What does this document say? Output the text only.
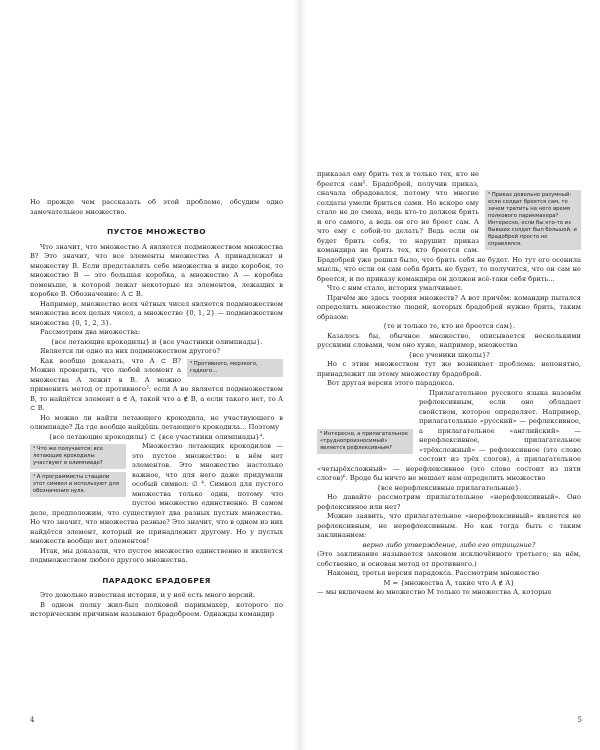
Но прежде чем рассказать об этой проблеме, обсудим одно замечательное множество.

ПУСТОЕ МНОЖЕСТВО

Что значит, что множество A является подмножеством множества B? Это значит, что все элементы множества A принадлежат и множеству B. Если представлять себе множества в виде коробок, то множество B — это большая коробка, а множество A — коробка поменьше, в которой лежат некоторые из элементов, лежащих в коробке B. Обозначение: A ⊂ B.

Например, множество всех чётных чисел является подмножеством множества всех целых чисел, а множество {0, 1, 2} — подмножеством множества {0, 1, 2, 3}.

Рассмотрим два множества:

{все летающие крокодилы} и {все участники олимпиады}.

Является ли одно из них подмножеством другого?

³ Противного, мерзкого, гадкого...

Как вообще доказать, что A ⊂ B? Можно проверить, что любой элемент a множества A лежит в B. А можно применить метод от противного³: если A не является подмножеством B, то найдётся элемент a ∈ A, такой что a ∉ B, а если такого нет, то A ⊂ B.

Но можно ли найти летающего крокодила, не участвующего в олимпиаде? Да где вообще найдёшь летающего крокодила... Поэтому

{все летающие крокодилы} ⊂ {все участники олимпиады}⁴.

⁴ Что же получается: все летающие крокодилы участвуют в олимпиаде?

⁴ А программисты стащили этот символ и используют для обозначения нуля.

Множество летающих крокодилов — это пустое множество: в нём нет элементов. Это множество настолько важное, что для него даже придумали особый символ: ∅ ⁴. Символ для пустого множества только один, потому что пустое множество единственно. В самом деле, предположим, что существуют два разных пустых множества. Но что значит, что множества разные? Это значит, что в одном из них найдётся элемент, который не принадлежит другому. Но у пустых множеств вообще нет элементов!

Итак, мы доказали, что пустое множество единственно и является подмножеством любого другого множества.

ПАРАДОКС БРАДОБРЕЯ

Это довольно известная история, и у неё есть много версий.

В одном полку жил-был полковой парикмахер, которого по историческим причинам называют брадобреем. Однажды командир

4

⁵ Приказ довольно разумный: если солдат бреется сам, то зачем тратить на него время полкового парикмахера? Интересно, если бы кто-то из бывших солдат был большой, и брадобрей просто не справлялся.

приказал ему брить тех и только тех, кто не бреется сам⁵. Брадобрей, получив приказ, сначала обрадовался, потому что многие солдаты умели бриться сами. Но вскоре ему стало не до смеха, ведь кто-то должен брить и его самого, а ведь он его не бреет сам. А что ему с собой-то делать? Ведь если он будет брить себя, то нарушит приказ командира не брить тех, кто бреется сам. Брадобрей уже решил было, что брить себя не будет. Но тут его осенила мысль, что если он сам себя брить не будет, то получится, что он сам не бреется, и по приказу командира он должен всё-таки себя брить...

Что с ним стало, история умалчивает.

Причём же здесь теория множеств? А вот причём: командир пытался определить множество людей, которых брадобрей нужно брить, таким образом:

{те и только те, кто не бреется сам}.

Казалось бы, обычное множество, описывается несколькими русскими словами, чем оно хуже, например, множества

{все ученики школы}?

Но с этим множеством тут же возникает проблема: непонятно, принадлежит ли этому множеству брадобрей.

Вот другая версия этого парадокса.

⁶ Интересно, а прилагательное «труднопроизносимый» является рефлексивным?

Прилагательное русского языка назовём рефлексивным, если оно обладает свойством, которое определяет. Например, прилагательные «русский» — рефлексивное, а прилагательное «английский» — нерефлексивное, прилагательное «трёхсложный» — рефлексивное (это слово состоит из трёх слогов), а прилагательное «четырёхсложный» — нерефлексивное (это слово состоит из пяти слогов)⁶. Вроде бы ничто не мешает нам определить множество

{все нерефлексивные прилагательные}.

Но давайте рассмотрим прилагательное «нерефлексивный». Оно рефлексивное или нет?

Можно заявить, что прилагательное «нерефлексивный» является не рефлексивным, не нерефлексивным. Но как тогда быть с таким заклинанием:

верно либо утверждение, либо его отрицание?

(Это заклинание называется законом исключённого третьего; на нём, собственно, и основан метод от противного.)

Наконец, третья версия парадокса. Рассмотрим множество

M = {множества A, такие что A ∉ A}

— мы включаем во множество M только те множества A, которые

5
